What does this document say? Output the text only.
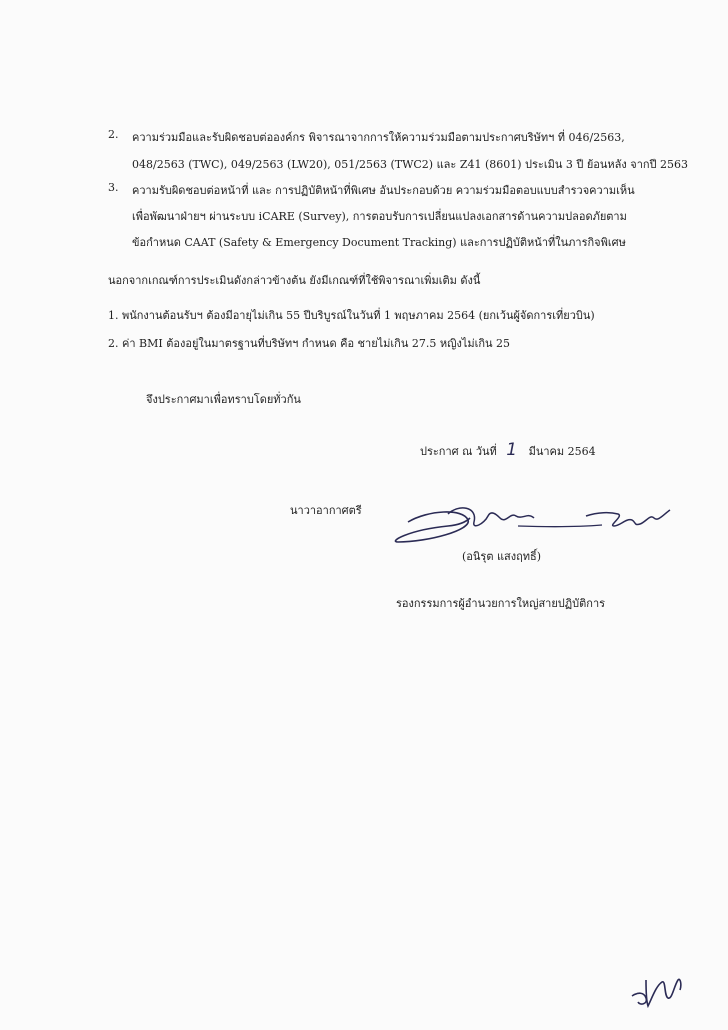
2. ความร่วมมือและรับผิดชอบต่อองค์กร พิจารณาจากการให้ความร่วมมือตามประกาศบริษัทฯ ที่ 046/2563,
048/2563 (TWC), 049/2563 (LW20), 051/2563 (TWC2) และ Z41 (8601) ประเมิน 3 ปี ย้อนหลัง จากปี 2563
3. ความรับผิดชอบต่อหน้าที่ และ การปฏิบัติหน้าที่พิเศษ อันประกอบด้วย ความร่วมมือตอบแบบสำรวจความเห็น
เพื่อพัฒนาฝ่ายฯ ผ่านระบบ iCARE (Survey), การตอบรับการเปลี่ยนแปลงเอกสารด้านความปลอดภัยตาม
ข้อกำหนด CAAT (Safety & Emergency Document Tracking) และการปฏิบัติหน้าที่ในภารกิจพิเศษ
นอกจากเกณฑ์การประเมินดังกล่าวข้างต้น ยังมีเกณฑ์ที่ใช้พิจารณาเพิ่มเติม ดังนี้
1. พนักงานต้อนรับฯ ต้องมีอายุไม่เกิน 55 ปีบริบูรณ์ในวันที่ 1 พฤษภาคม 2564 (ยกเว้นผู้จัดการเที่ยวบิน)
2. ค่า BMI ต้องอยู่ในมาตรฐานที่บริษัทฯ กำหนด คือ ชายไม่เกิน 27.5 หญิงไม่เกิน 25
จึงประกาศมาเพื่อทราบโดยทั่วกัน
ประกาศ ณ วันที่ 1 มีนาคม 2564
นาวาอากาศตรี
(อนิรุต แสงฤทธิ์)
รองกรรมการผู้อำนวยการใหญ่สายปฏิบัติการ
